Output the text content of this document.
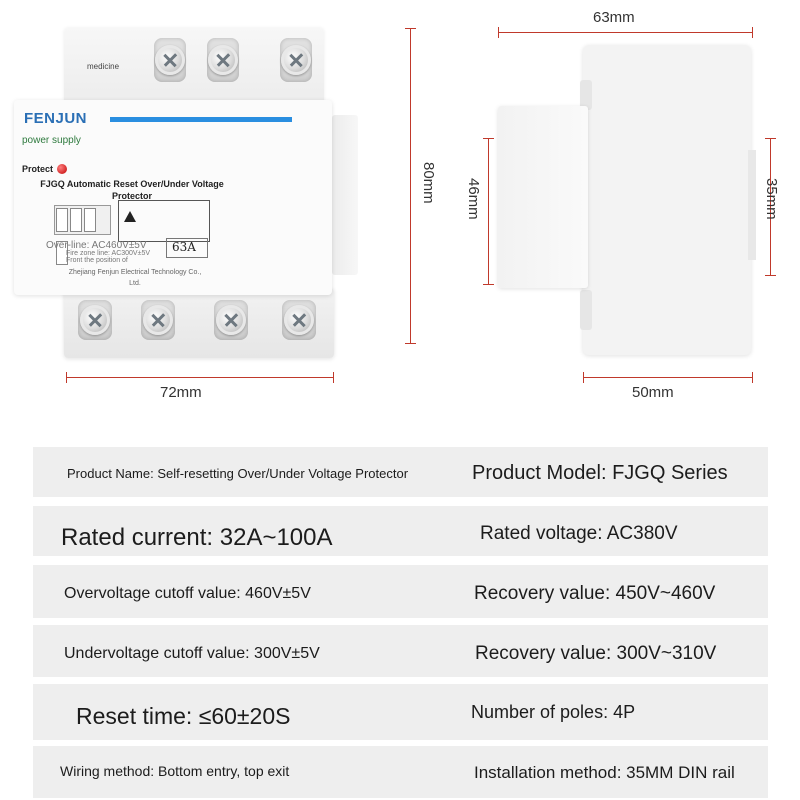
medicine
FENJUN
power supply
Protect
FJGQ Automatic Reset Over/Under Voltage
Protector
Over-line: AC460V±5V 63A
Fire zone line: AC300V±5V
Front the position of
Zhejiang Fenjun Electrical Technology Co.,
Ltd.
72mm
80mm
63mm
50mm
46mm	35mm
Product Name: Self-resetting Over/Under Voltage Protector	Product Model: FJGQ Series
Rated current: 32A~100A	Rated voltage: AC380V
Overvoltage cutoff value: 460V±5V	Recovery value: 450V~460V
Undervoltage cutoff value: 300V±5V	Recovery value: 300V~310V
Reset time: ≤60±20S	Number of poles: 4P
Wiring method: Bottom entry, top exit	Installation method: 35MM DIN rail
